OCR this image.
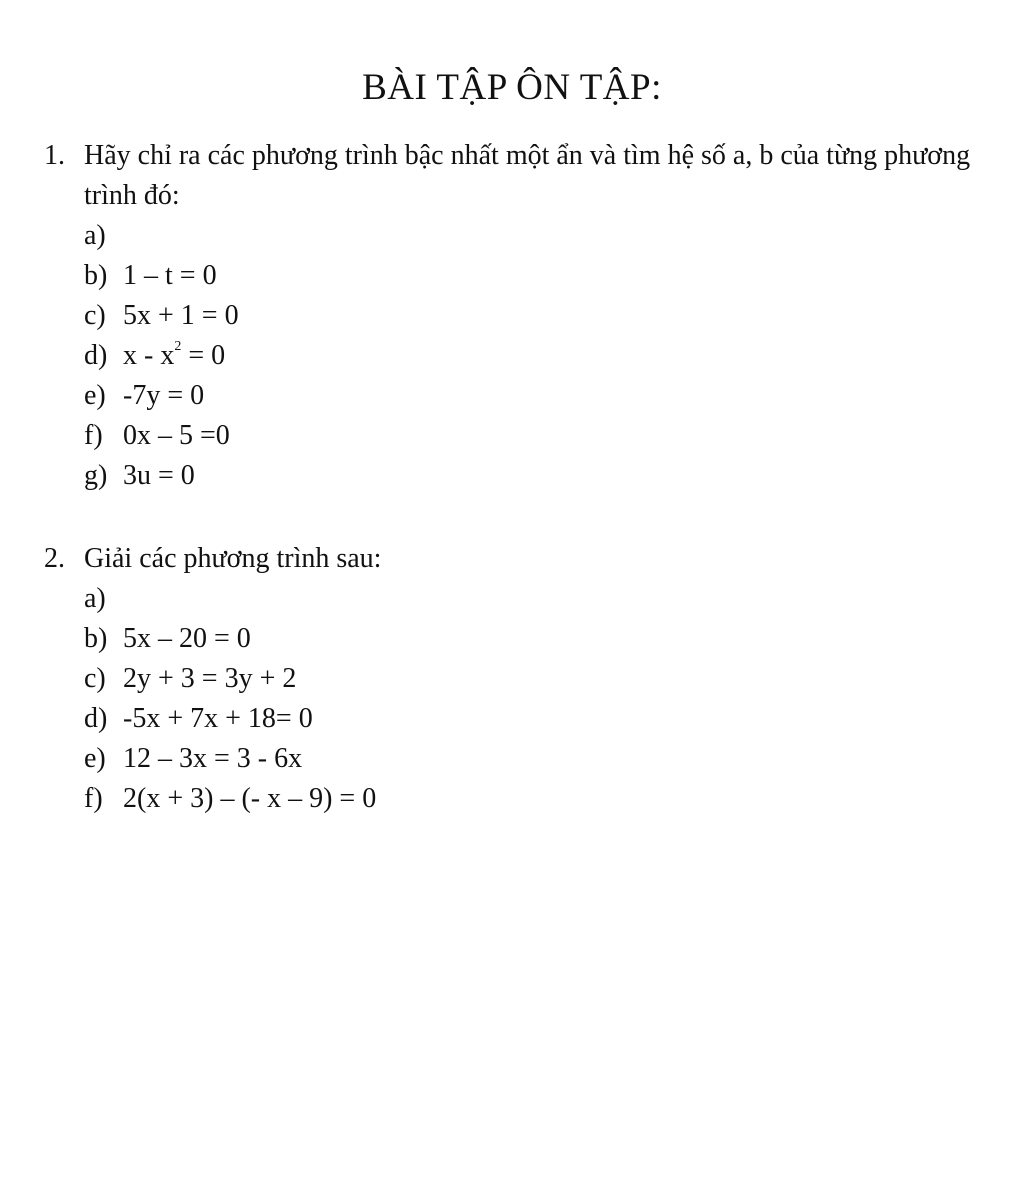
BÀI TẬP ÔN TẬP:
1. Hãy chỉ ra các phương trình bậc nhất một ẩn và tìm hệ số a, b của từng phương trình đó:
a)
b) 1 – t = 0
c) 5x + 1 = 0
d) $x - x^2 = 0$
e) -7y = 0
f) 0x – 5 =0
g) 3u = 0
2. Giải các phương trình sau:
a)
b) 5x – 20 = 0
c) 2y + 3 = 3y + 2
d) -5x + 7x + 18= 0
e) 12 – 3x = 3 - 6x
f) 2(x + 3) – (- x – 9) = 0
